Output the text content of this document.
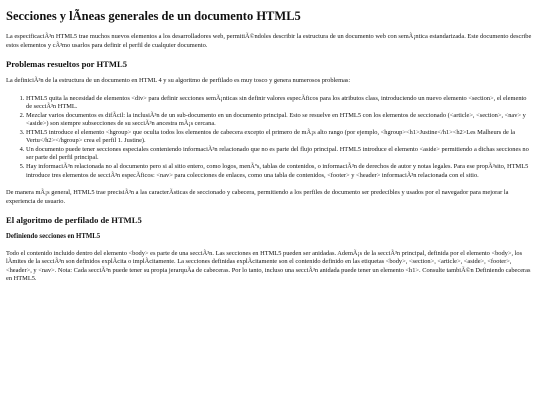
Secciones y lÃneas generales de un documento HTML5

La especificaciÃ³n HTML5 trae muchos nuevos elementos a los desarrolladores web, permitiÃ©ndoles describir la estructura de un documento web con semÃ¡ntica estandarizada. Este documento describe estos elementos y cÃ³mo usarlos para definir el perfil de cualquier documento.

Problemas resueltos por HTML5

La definiciÃ³n de la estructura de un documento en HTML 4 y su algoritmo de perfilado es muy tosco y genera numerosos problemas:

1. HTML5 quita la necesidad de elementos <div> para definir secciones semÃ¡nticas sin definir valores especÃficos para los atributos class, introduciendo un nuevo elemento <section>, el elemento de secciÃ³n HTML.
2. Mezclar varios documentos es difÃcil: la inclusiÃ³n de un sub-documento en un documento principal. Esto se resuelve en HTML5 con los elementos de seccionado (<article>, <section>, <nav> y <aside>) son siempre subsecciones de su secciÃ³n ancestra mÃ¡s cercana.
3. HTML5 introduce el elemento <hgroup> que oculta todos los elementos de cabecera excepto el primero de mÃ¡s alto rango (por ejemplo, <hgroup><h1>Justine</h1><h2>Les Malheurs de la Vertu</h2></hgroup> crea el perfil 1. Justine).
4. Un documento puede tener secciones especiales conteniendo informaciÃ³n relacionado que no es parte del flujo principal. HTML5 introduce el elemento <aside> permitiendo a dichas secciones no ser parte del perfil principal.
5. Hay informaciÃ³n relacionada no al documento pero si al sitio entero, como logos, menÃºs, tablas de contenidos, o informaciÃ³n de derechos de autor y notas legales. Para ese propÃ³sito, HTML5 introduce tres elementos de secciÃ³n especÃficos: <nav> para colecciones de enlaces, como una tabla de contenidos, <footer> y <header> informaciÃ³n relacionada con el sitio.

De manera mÃ¡s general, HTML5 trae precisiÃ³n a las caracterÃsticas de seccionado y cabecera, permitiendo a los perfiles de documento ser predecibles y usados por el navegador para mejorar la experiencia de usuario.

El algoritmo de perfilado de HTML5
Definiendo secciones en HTML5

Todo el contenido incluido dentro del elemento <body> es parte de una secciÃ³n. Las secciones en HTML5 pueden ser anidadas. AdemÃ¡s de la secciÃ³n principal, definida por el elemento <body>, los lÃmites de la secciÃ³n son definidos explÃcita o implÃcitamente. La secciones definidas explÃcitamente son el contenido definido en las etiquetas <body>, <section>, <article>, <aside>, <footer>, <header>, y <nav>. Nota: Cada secciÃ³n puede tener su propia jerarquÃa de cabeceras. Por lo tanto, incluso una secciÃ³n anidada puede tener un elemento <h1>. Consulte tambiÃ©n Definiendo cabeceras en HTML5.
